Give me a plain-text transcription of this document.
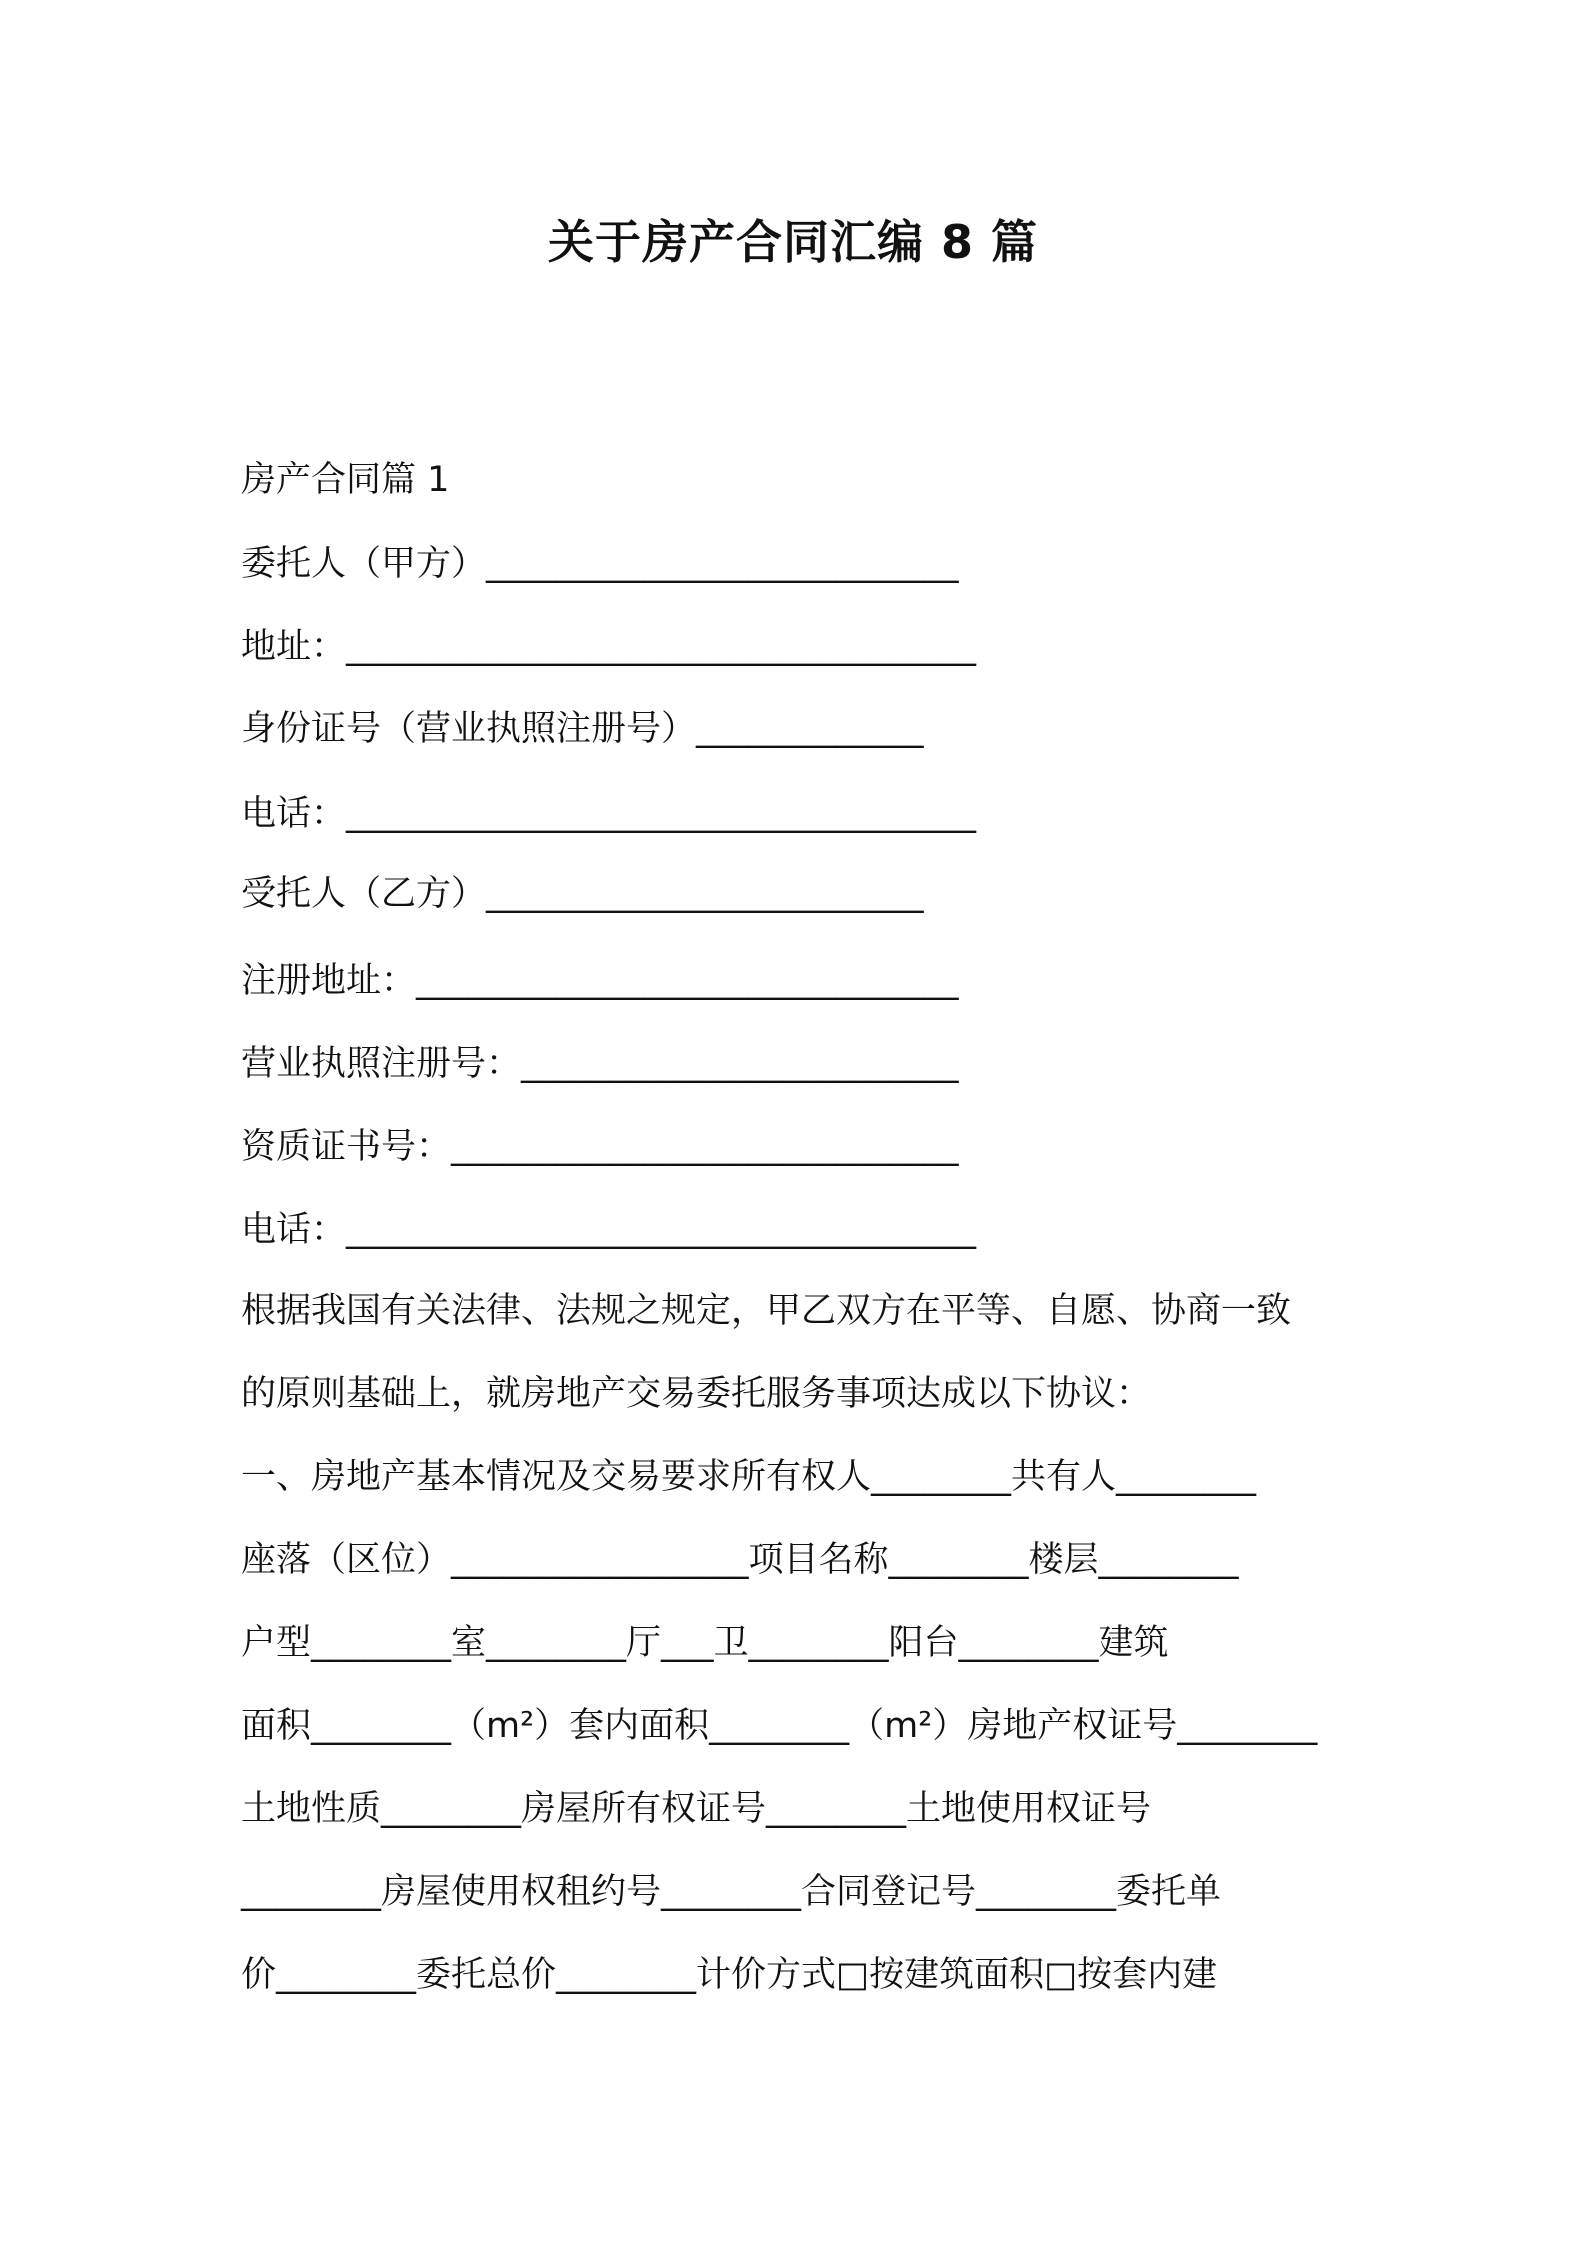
关于房产合同汇编 8 篇
房产合同篇 1
委托人（甲方）___________________________
地址：____________________________________
身份证号（营业执照注册号）_____________
电话：____________________________________
受托人（乙方）_________________________
注册地址：_______________________________
营业执照注册号：_________________________
资质证书号：_____________________________
电话：____________________________________
根据我国有关法律、法规之规定，甲乙双方在平等、自愿、协商一致
的原则基础上，就房地产交易委托服务事项达成以下协议：
一、房地产基本情况及交易要求所有权人________共有人________
座落（区位）_________________项目名称________楼层________
户型________室________厅___卫________阳台________建筑
面积________（m²）套内面积________（m²）房地产权证号________
土地性质________房屋所有权证号________土地使用权证号
________房屋使用权租约号________合同登记号________委托单
价________委托总价________计价方式□按建筑面积□按套内建
